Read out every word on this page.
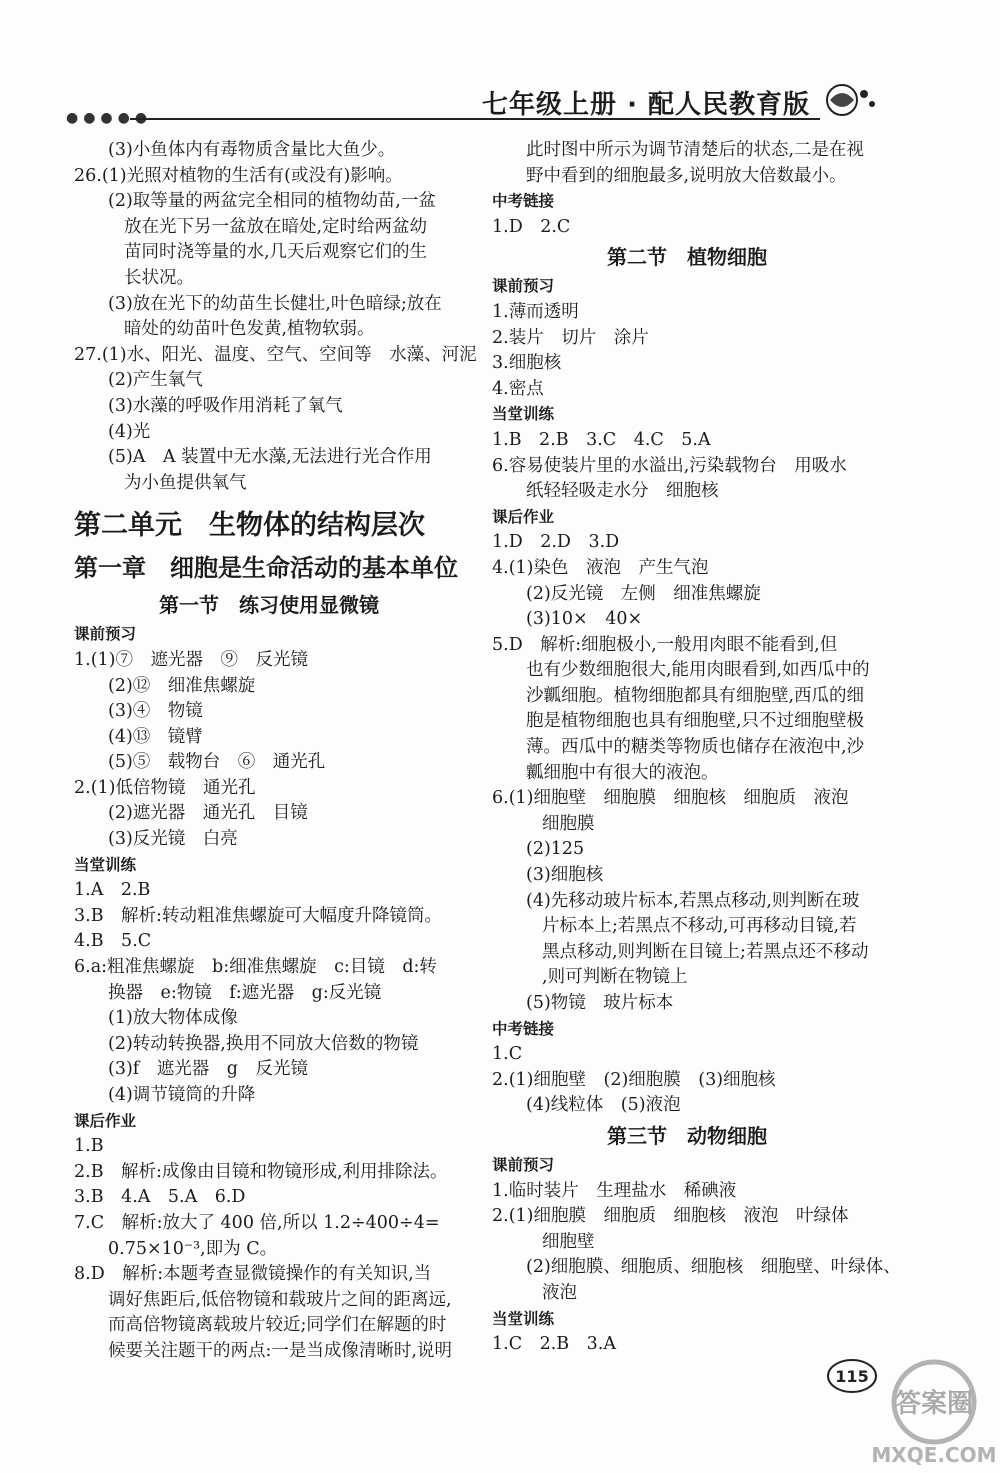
●●●●●	七年级上册 · 配人民教育版
(3)小鱼体内有毒物质含量比大鱼少。
26.(1)光照对植物的生活有(或没有)影响。
(2)取等量的两盆完全相同的植物幼苗,一盆
放在光下另一盆放在暗处,定时给两盆幼
苗同时浇等量的水,几天后观察它们的生
长状况。
(3)放在光下的幼苗生长健壮,叶色暗绿;放在
暗处的幼苗叶色发黄,植物软弱。
27.(1)水、阳光、温度、空气、空间等　水藻、河泥
(2)产生氧气
(3)水藻的呼吸作用消耗了氧气
(4)光
(5)A　A 装置中无水藻,无法进行光合作用
为小鱼提供氧气
第二单元　生物体的结构层次
第一章　细胞是生命活动的基本单位
第一节　练习使用显微镜
课前预习
1.(1)⑦　遮光器　⑨　反光镜
(2)⑫　细准焦螺旋
(3)④　物镜
(4)⑬　镜臂
(5)⑤　载物台　⑥　通光孔
2.(1)低倍物镜　通光孔
(2)遮光器　通光孔　目镜
(3)反光镜　白亮
当堂训练
1.A　2.B
3.B　解析:转动粗准焦螺旋可大幅度升降镜筒。
4.B　5.C
6.a:粗准焦螺旋　b:细准焦螺旋　c:目镜　d:转
换器　e:物镜　f:遮光器　g:反光镜
(1)放大物体成像
(2)转动转换器,换用不同放大倍数的物镜
(3)f　遮光器　g　反光镜
(4)调节镜筒的升降
课后作业
1.B
2.B　解析:成像由目镜和物镜形成,利用排除法。
3.B　4.A　5.A　6.D
7.C　解析:放大了 400 倍,所以 1.2÷400÷4=
0.75×10⁻³,即为 C。
8.D　解析:本题考查显微镜操作的有关知识,当
调好焦距后,低倍物镜和载玻片之间的距离远,
而高倍物镜离载玻片较近;同学们在解题的时
候要关注题干的两点:一是当成像清晰时,说明
此时图中所示为调节清楚后的状态,二是在视
野中看到的细胞最多,说明放大倍数最小。
中考链接
1.D　2.C
第二节　植物细胞
课前预习
1.薄而透明
2.装片　切片　涂片
3.细胞核
4.密点
当堂训练
1.B　2.B　3.C　4.C　5.A
6.容易使装片里的水溢出,污染载物台　用吸水
纸轻轻吸走水分　细胞核
课后作业
1.D　2.D　3.D
4.(1)染色　液泡　产生气泡
(2)反光镜　左侧　细准焦螺旋
(3)10×　40×
5.D　解析:细胞极小,一般用肉眼不能看到,但
也有少数细胞很大,能用肉眼看到,如西瓜中的
沙瓤细胞。植物细胞都具有细胞壁,西瓜的细
胞是植物细胞也具有细胞壁,只不过细胞壁极
薄。西瓜中的糖类等物质也储存在液泡中,沙
瓤细胞中有很大的液泡。
6.(1)细胞壁　细胞膜　细胞核　细胞质　液泡
细胞膜
(2)125
(3)细胞核
(4)先移动玻片标本,若黑点移动,则判断在玻
片标本上;若黑点不移动,可再移动目镜,若
黑点移动,则判断在目镜上;若黑点还不移动
,则可判断在物镜上
(5)物镜　玻片标本
中考链接
1.C
2.(1)细胞壁　(2)细胞膜　(3)细胞核
(4)线粒体　(5)液泡
第三节　动物细胞
课前预习
1.临时装片　生理盐水　稀碘液
2.(1)细胞膜　细胞质　细胞核　液泡　叶绿体
细胞壁
(2)细胞膜、细胞质、细胞核　细胞壁、叶绿体、
液泡
当堂训练
1.C　2.B　3.A
115
答案圈
MXQE.COM
